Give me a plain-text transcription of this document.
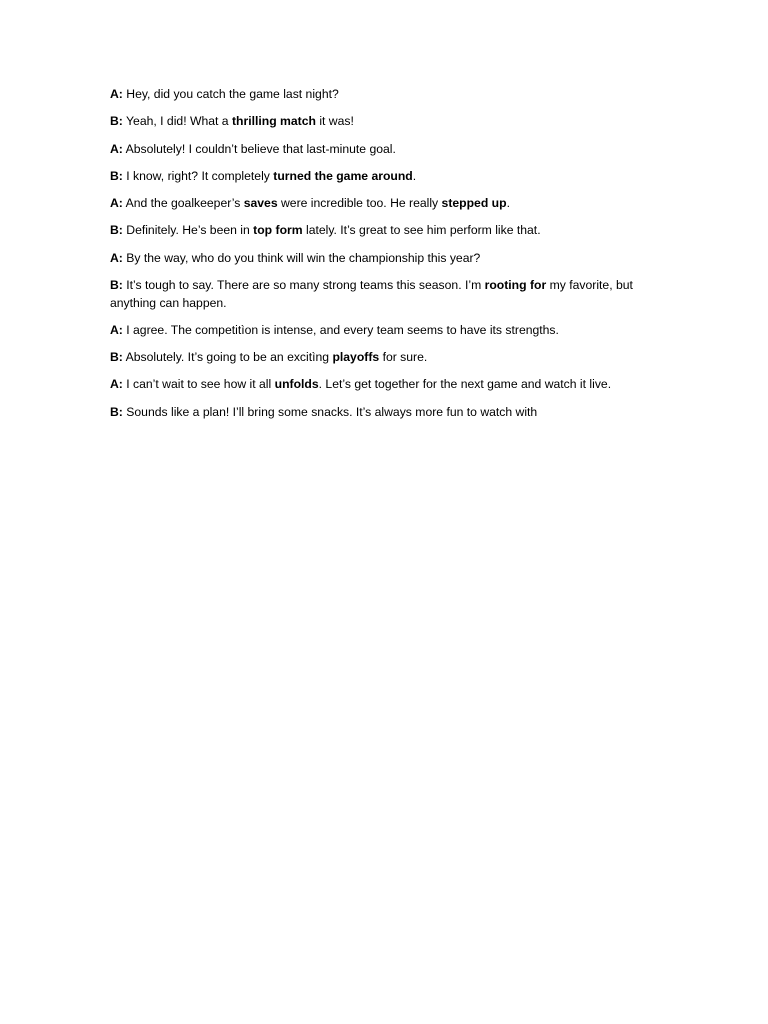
A: Hey, did you catch the game last night?
B: Yeah, I did! What a thrilling match it was!
A: Absolutely! I couldn’t believe that last-minute goal.
B: I know, right? It completely turned the game around.
A: And the goalkeeper’s saves were incredible too. He really stepped up.
B: Definitely. He’s been in top form lately. It’s great to see him perform like that.
A: By the way, who do you think will win the championship this year?
B: It’s tough to say. There are so many strong teams this season. I’m rooting for my favorite, but anything can happen.
A: I agree. The competitìon is intense, and every team seems to have its strengths.
B: Absolutely. It’s going to be an excitìng playoffs for sure.
A: I can’t wait to see how it all unfolds. Let’s get together for the next game and watch it live.
B: Sounds like a plan! I’ll bring some snacks. It’s always more fun to watch with
